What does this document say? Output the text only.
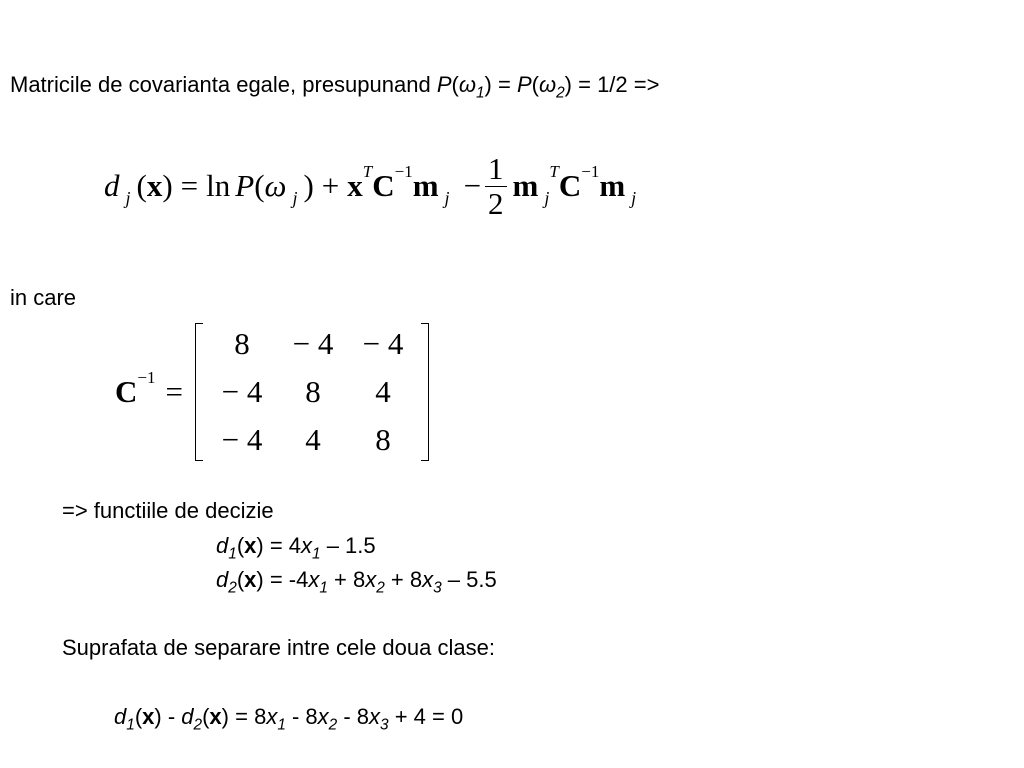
Matricile de covarianta egale, presupunand $P(\omega_1) = P(\omega_2) = 1/2$ =>
d j ( x ) = ln P ( ω j ) + x T C −1 m $j - \frac{1}{2}$ m j
T C −1 m j
in care
C −1 =
8 − 4 − 4
− 4 8 4
− 4 4 8
=> functiile de decizie
$d_1(x) = 4x_1 - 1.5$
$d_2(x) = -4x_1 + 8x_2 + 8x_3 - 5.5$
Suprafata de separare intre cele doua clase:
$d_1(x) - d_2(x) = 8x_1 - 8x_2 - 8x_3 + 4 = 0$
